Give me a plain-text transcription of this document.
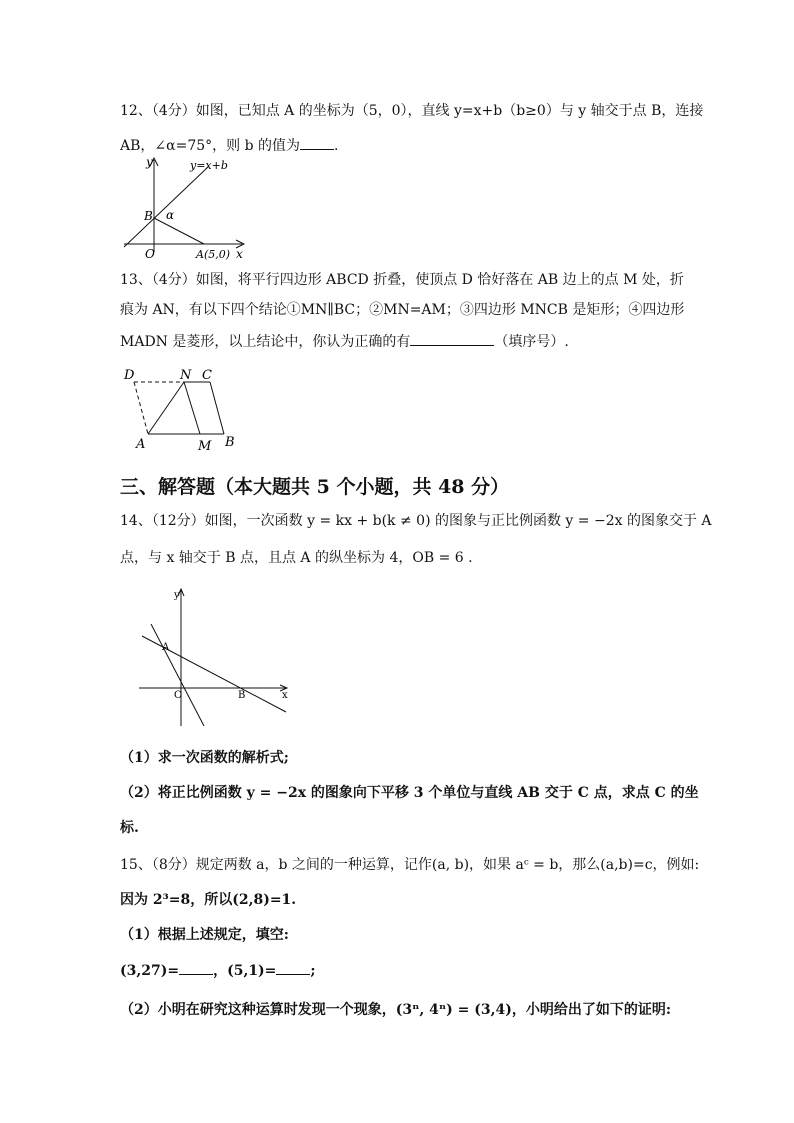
12、（4分）如图，已知点 A 的坐标为（5，0），直线 y=x+b（b≥0）与 y 轴交于点 B，连接
AB，∠α=75°，则 b 的值为 .
y	y=x+b
B α
O	A(5,0) x
13、（4分）如图，将平行四边形 ABCD 折叠，使顶点 D 恰好落在 AB 边上的点 M 处，折
痕为 AN，有以下四个结论①MN∥BC；②MN=AM；③四边形 MNCB 是矩形；④四边形
MADN 是菱形，以上结论中，你认为正确的有	（填序号）.
D	N C
A	M B
三、解答题（本大题共 5 个小题，共 48 分）
14、（12分）如图，一次函数 y = kx + b(k ≠ 0) 的图象与正比例函数 y = −2x 的图象交于 A
点，与 x 轴交于 B 点，且点 A 的纵坐标为 4，OB = 6 .
y
A
O	B	x
（1）求一次函数的解析式;
（2）将正比例函数 y = −2x 的图象向下平移 3 个单位与直线 AB 交于 C 点，求点 C 的坐
标.
15、（8分）规定两数 a，b 之间的一种运算，记作(a, b)，如果 aᶜ = b，那么(a,b)=c，例如:
因为 2³=8，所以(2,8)=1.
（1）根据上述规定，填空:
(3,27)= ，(5,1)= ;
（2）小明在研究这种运算时发现一个现象，(3ⁿ, 4ⁿ) = (3,4)，小明给出了如下的证明:
